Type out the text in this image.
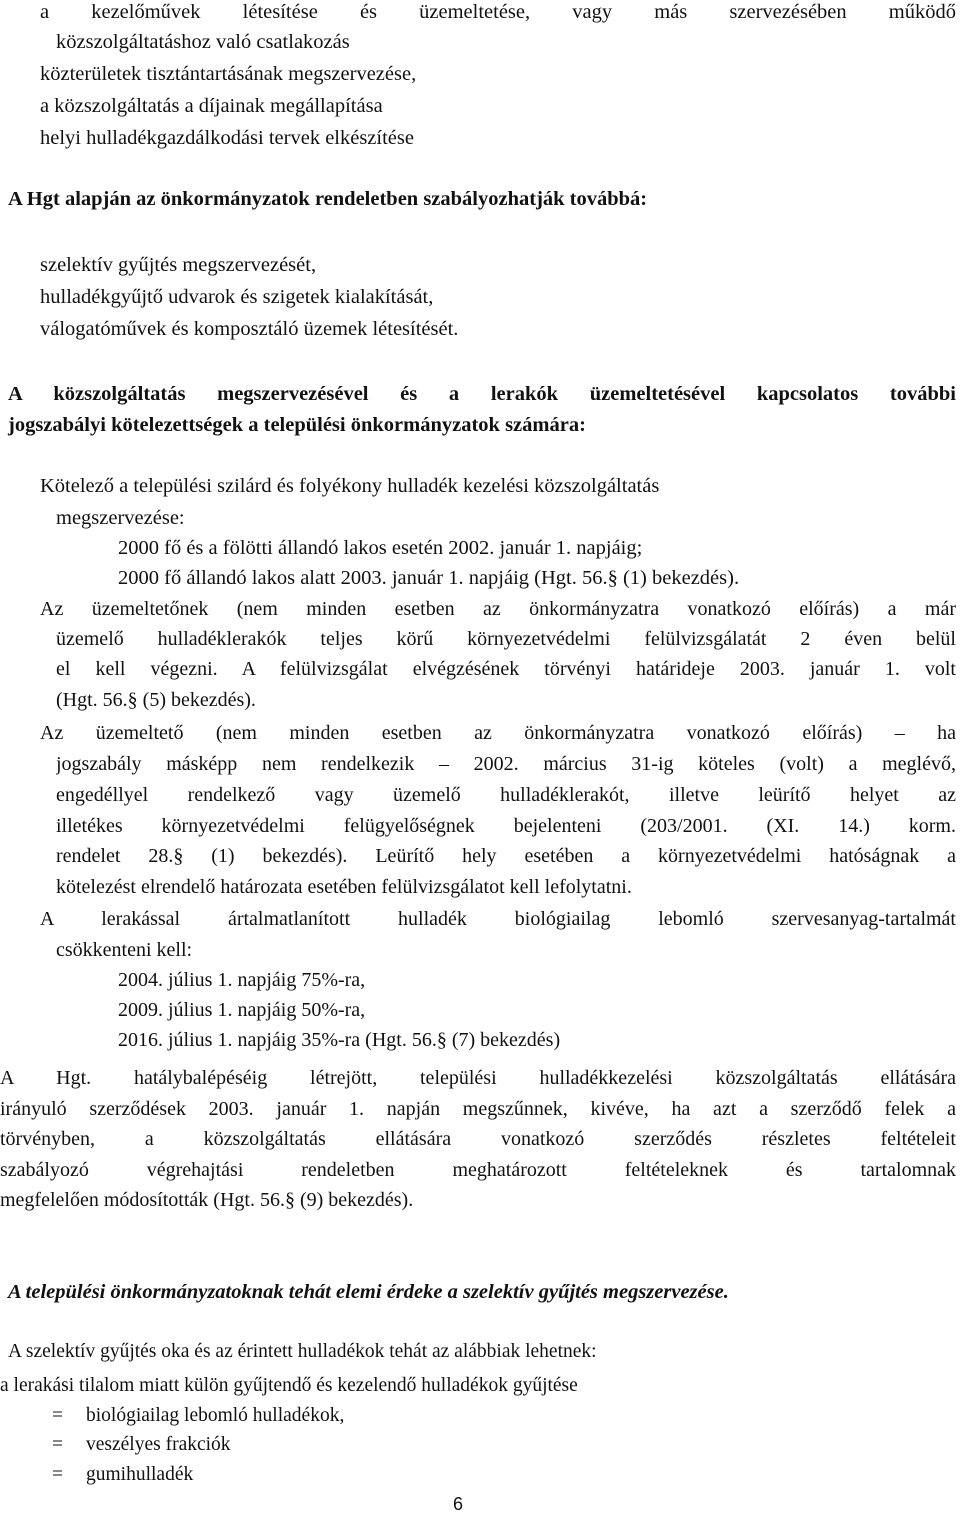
a kezelőművek létesítése és üzemeltetése, vagy más szervezésében működő
közszolgáltatáshoz való csatlakozás
közterületek tisztántartásának megszervezése,
a közszolgáltatás a díjainak megállapítása
helyi hulladékgazdálkodási tervek elkészítése
A Hgt alapján az önkormányzatok rendeletben szabályozhatják továbbá:
szelektív gyűjtés megszervezését,
hulladékgyűjtő udvarok és szigetek kialakítását,
válogatóművek és komposztáló üzemek létesítését.
A közszolgáltatás megszervezésével és a lerakók üzemeltetésével kapcsolatos további
jogszabályi kötelezettségek a települési önkormányzatok számára:
Kötelező a települési szilárd és folyékony hulladék kezelési közszolgáltatás
megszervezése:
2000 fő és a fölötti állandó lakos esetén 2002. január 1. napjáig;
2000 fő állandó lakos alatt 2003. január 1. napjáig (Hgt. 56.§ (1) bekezdés).
Az üzemeltetőnek (nem minden esetben az önkormányzatra vonatkozó előírás) a már
üzemelő hulladéklerakók teljes körű környezetvédelmi felülvizsgálatát 2 éven belül
el kell végezni. A felülvizsgálat elvégzésének törvényi határideje 2003. január 1. volt
(Hgt. 56.§ (5) bekezdés).
Az üzemeltető (nem minden esetben az önkormányzatra vonatkozó előírás) – ha
jogszabály másképp nem rendelkezik – 2002. március 31-ig köteles (volt) a meglévő,
engedéllyel rendelkező vagy üzemelő hulladéklerakót, illetve leürítő helyet az
illetékes környezetvédelmi felügyelőségnek bejelenteni (203/2001. (XI. 14.) korm.
rendelet 28.§ (1) bekezdés). Leürítő hely esetében a környezetvédelmi hatóságnak a
kötelezést elrendelő határozata esetében felülvizsgálatot kell lefolytatni.
A lerakással ártalmatlanított hulladék biológiailag lebomló szervesanyag-tartalmát
csökkenteni kell:
2004. július 1. napjáig 75%-ra,
2009. július 1. napjáig 50%-ra,
2016. július 1. napjáig 35%-ra (Hgt. 56.§ (7) bekezdés)
A Hgt. hatálybalépéséig létrejött, települési hulladékkezelési közszolgáltatás ellátására
irányuló szerződések 2003. január 1. napján megszűnnek, kivéve, ha azt a szerződő felek a
törvényben, a közszolgáltatás ellátására vonatkozó szerződés részletes feltételeit
szabályozó végrehajtási rendeletben meghatározott feltételeknek és tartalomnak
megfelelően módosították (Hgt. 56.§ (9) bekezdés).
A települési önkormányzatoknak tehát elemi érdeke a szelektív gyűjtés megszervezése.
A szelektív gyűjtés oka és az érintett hulladékok tehát az alábbiak lehetnek:
a lerakási tilalom miatt külön gyűjtendő és kezelendő hulladékok gyűjtése
= biológiailag lebomló hulladékok,
= veszélyes frakciók
= gumihulladék
6
